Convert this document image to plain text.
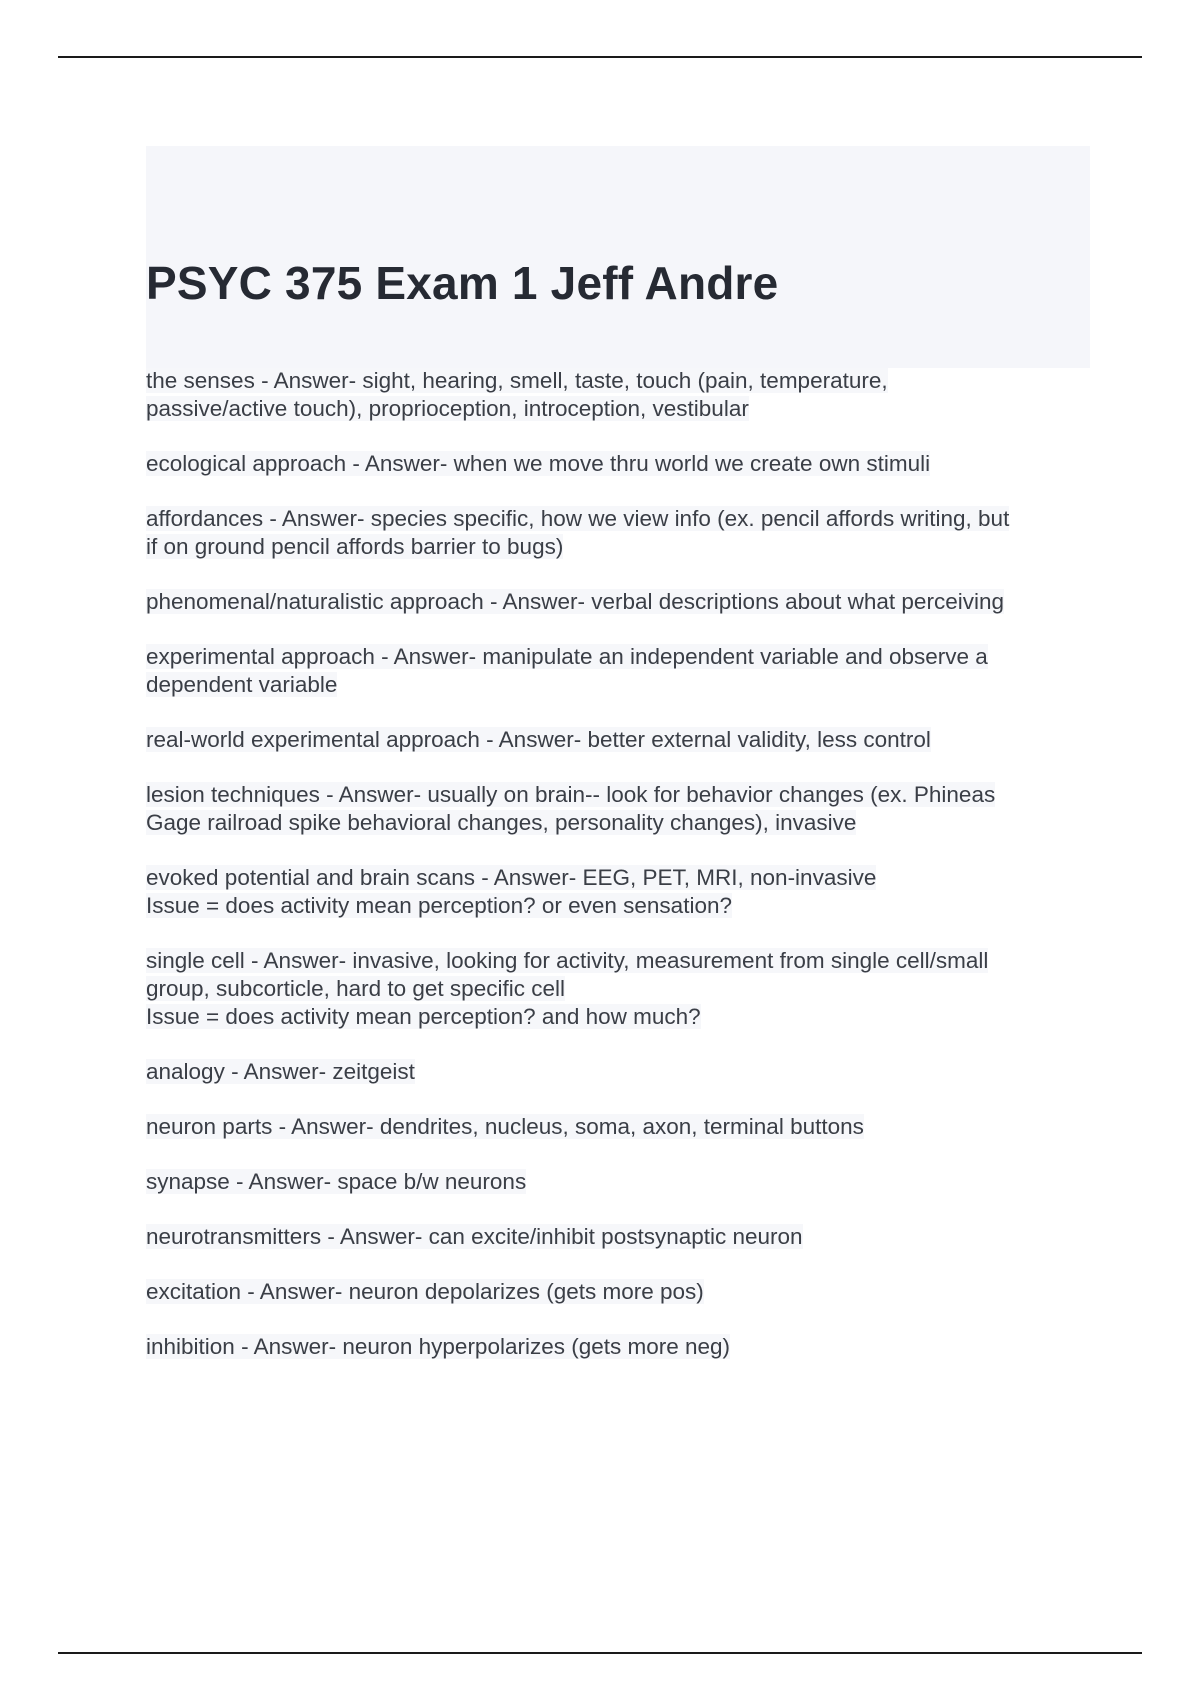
PSYC 375 Exam 1 Jeff Andre
the senses - Answer- sight, hearing, smell, taste, touch (pain, temperature,
passive/active touch), proprioception, introception, vestibular
ecological approach - Answer- when we move thru world we create own stimuli
affordances - Answer- species specific, how we view info (ex. pencil affords writing, but
if on ground pencil affords barrier to bugs)
phenomenal/naturalistic approach - Answer- verbal descriptions about what perceiving
experimental approach - Answer- manipulate an independent variable and observe a
dependent variable
real-world experimental approach - Answer- better external validity, less control
lesion techniques - Answer- usually on brain-- look for behavior changes (ex. Phineas
Gage railroad spike behavioral changes, personality changes), invasive
evoked potential and brain scans - Answer- EEG, PET, MRI, non-invasive
Issue = does activity mean perception? or even sensation?
single cell - Answer- invasive, looking for activity, measurement from single cell/small
group, subcorticle, hard to get specific cell
Issue = does activity mean perception? and how much?
analogy - Answer- zeitgeist
neuron parts - Answer- dendrites, nucleus, soma, axon, terminal buttons
synapse - Answer- space b/w neurons
neurotransmitters - Answer- can excite/inhibit postsynaptic neuron
excitation - Answer- neuron depolarizes (gets more pos)
inhibition - Answer- neuron hyperpolarizes (gets more neg)
